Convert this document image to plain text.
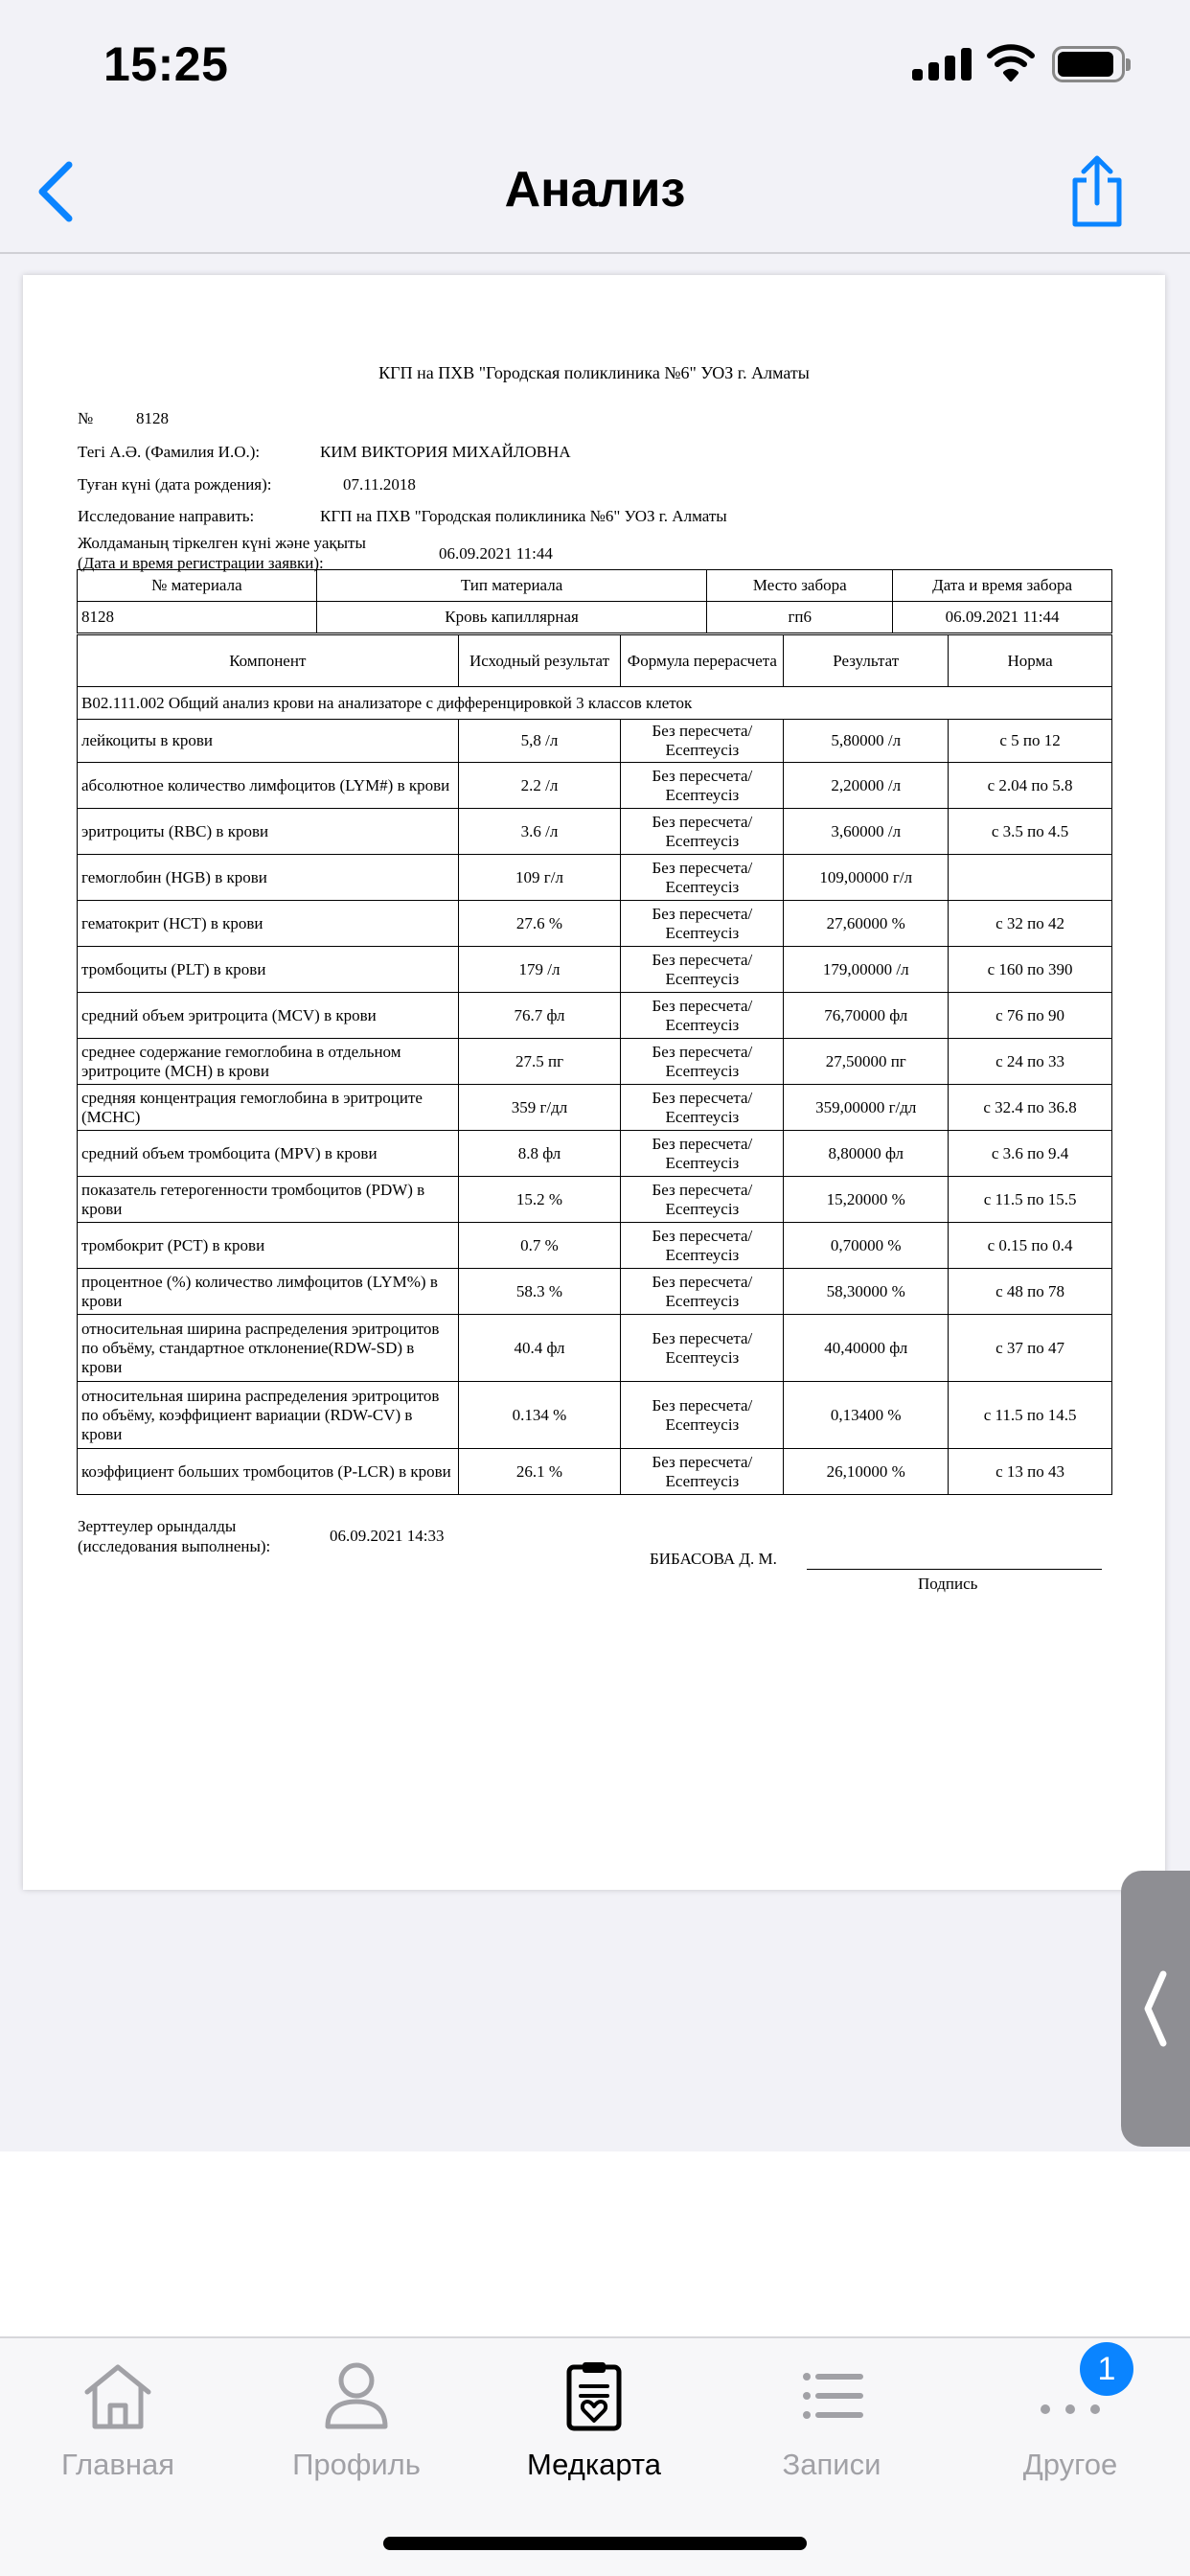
15:25
Анализ
КГП на ПХВ "Городская поликлиника №6" УОЗ г. Алматы
№	8128
Тегі А.Ә. (Фамилия И.О.):	КИМ ВИКТОРИЯ МИХАЙЛОВНА
Туған күні (дата рождения):	07.11.2018
Исследование направить:	КГП на ПХВ "Городская поликлиника №6" УОЗ г. Алматы
Жолдаманың тіркелген күні және уақыты
(Дата и время регистрации заявки):
06.09.2021 11:44
№ материала	Тип материала	Место забора	Дата и время забора
8128	Кровь капиллярная	гп6	06.09.2021 11:44
Компонент	Исходный результат	Формула перерасчета	Результат	Норма
B02.111.002 Общий анализ крови на анализаторе с дифференцировкой 3 классов клеток				
лейкоциты в крови	5,8 /л	Без пересчета/ Есептеусіз	5,80000 /л	с 5 по 12
абсолютное количество лимфоцитов (LYM#) в крови	2.2 /л	Без пересчета/ Есептеусіз	2,20000 /л	с 2.04 по 5.8
эритроциты (RBC) в крови	3.6 /л	Без пересчета/ Есептеусіз	3,60000 /л	с 3.5 по 4.5
гемоглобин (HGB) в крови	109 г/л	Без пересчета/ Есептеусіз	109,00000 г/л	
гематокрит (HCT) в крови	27.6 %	Без пересчета/ Есептеусіз	27,60000 %	с 32 по 42
тромбоциты (PLT) в крови	179 /л	Без пересчета/ Есептеусіз	179,00000 /л	с 160 по 390
средний объем эритроцита (MCV) в крови	76.7 фл	Без пересчета/ Есептеусіз	76,70000 фл	с 76 по 90
среднее содержание гемоглобина в отдельном эритроците (MCH) в крови	27.5 пг	Без пересчета/ Есептеусіз	27,50000 пг	с 24 по 33
средняя концентрация гемоглобина в эритроците (MCHC)	359 г/дл	Без пересчета/ Есептеусіз	359,00000 г/дл	с 32.4 по 36.8
средний объем тромбоцита (MPV) в крови	8.8 фл	Без пересчета/ Есептеусіз	8,80000 фл	с 3.6 по 9.4
показатель гетерогенности тромбоцитов (PDW) в крови	15.2 %	Без пересчета/ Есептеусіз	15,20000 %	с 11.5 по 15.5
тромбокрит (PCT) в крови	0.7 %	Без пересчета/ Есептеусіз	0,70000 %	с 0.15 по 0.4
процентное (%) количество лимфоцитов (LYM%) в крови	58.3 %	Без пересчета/ Есептеусіз	58,30000 %	с 48 по 78
относительная ширина распределения эритроцитов по объёму, стандартное отклонение(RDW-SD) в крови	40.4 фл	Без пересчета/ Есептеусіз	40,40000 фл	с 37 по 47
относительная ширина распределения эритроцитов по объёму, коэффициент вариации (RDW-CV) в крови	0.134 %	Без пересчета/ Есептеусіз	0,13400 %	с 11.5 по 14.5
коэффициент больших тромбоцитов (P-LCR) в крови	26.1 %	Без пересчета/ Есептеусіз	26,10000 %	с 13 по 43
Зерттеулер орындалды
(исследования выполнены):
06.09.2021 14:33
БИБАСОВА Д. М.
Подпись
Главная	Профиль	Медкарта	Записи	Другое
1
